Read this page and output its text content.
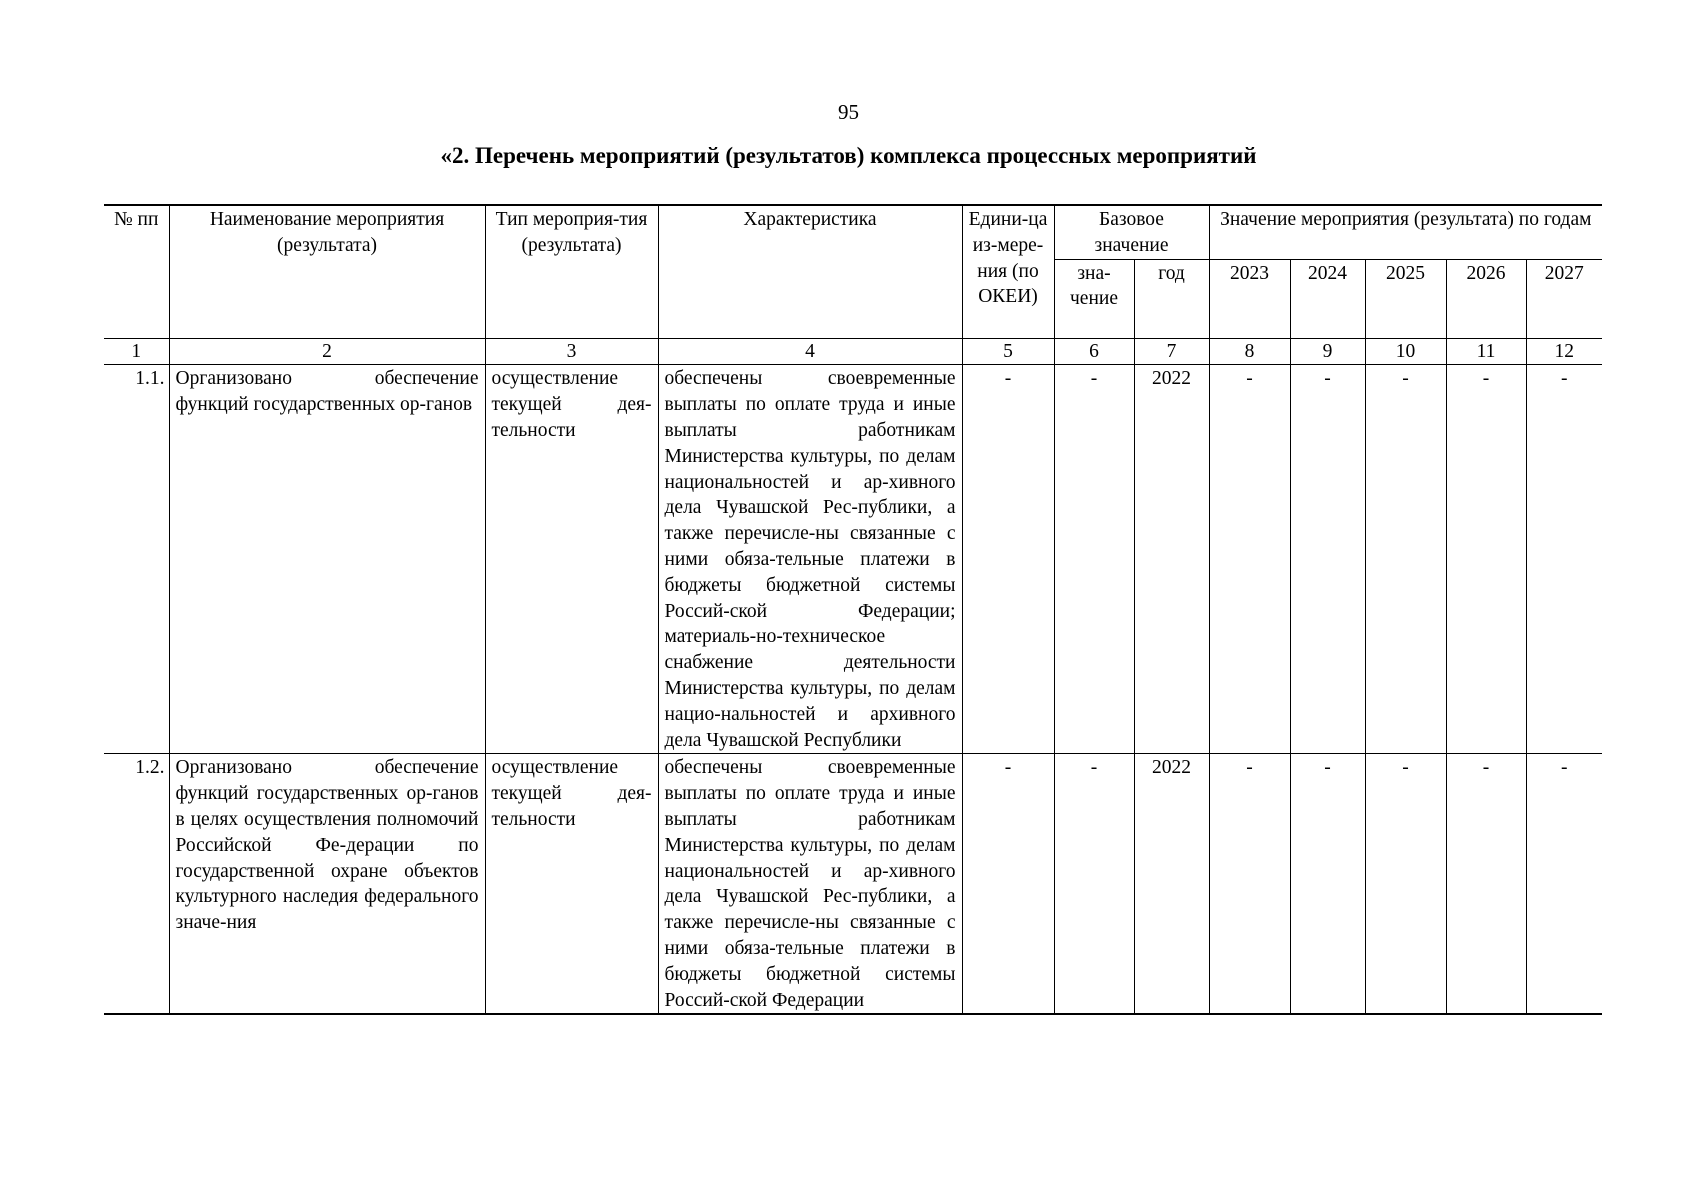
95
«2. Перечень мероприятий (результатов) комплекса процессных мероприятий
№ пп	Наименование мероприятия (результата)	Тип мероприя-тия (результата)	Характеристика	Едини-ца из-мере-ния (по ОКЕИ)	Базовое значение		Значение мероприятия (результата) по годам				
					зна-чение	год	2023	2024	2025	2026	2027
1	2	3	4	5	6	7	8	9	10	11	12
1.1.	Организовано обеспечение функций государственных ор-ганов	осуществление текущей дея-тельности	обеспечены своевременные выплаты по оплате труда и иные выплаты работникам Министерства культуры, по делам национальностей и ар-хивного дела Чувашской Рес-публики, а также перечисле-ны связанные с ними обяза-тельные платежи в бюджеты бюджетной системы Россий-ской Федерации; материаль-но-техническое снабжение деятельности Министерства культуры, по делам нацио-нальностей и архивного дела Чувашской Республики	-	-	2022	-	-	-	-	-
1.2.	Организовано обеспечение функций государственных ор-ганов в целях осуществления полномочий Российской Фе-дерации по государственной охране объектов культурного наследия федерального значе-ния	осуществление текущей дея-тельности	обеспечены своевременные выплаты по оплате труда и иные выплаты работникам Министерства культуры, по делам национальностей и ар-хивного дела Чувашской Рес-публики, а также перечисле-ны связанные с ними обяза-тельные платежи в бюджеты бюджетной системы Россий-ской Федерации	-	-	2022	-	-	-	-	-
